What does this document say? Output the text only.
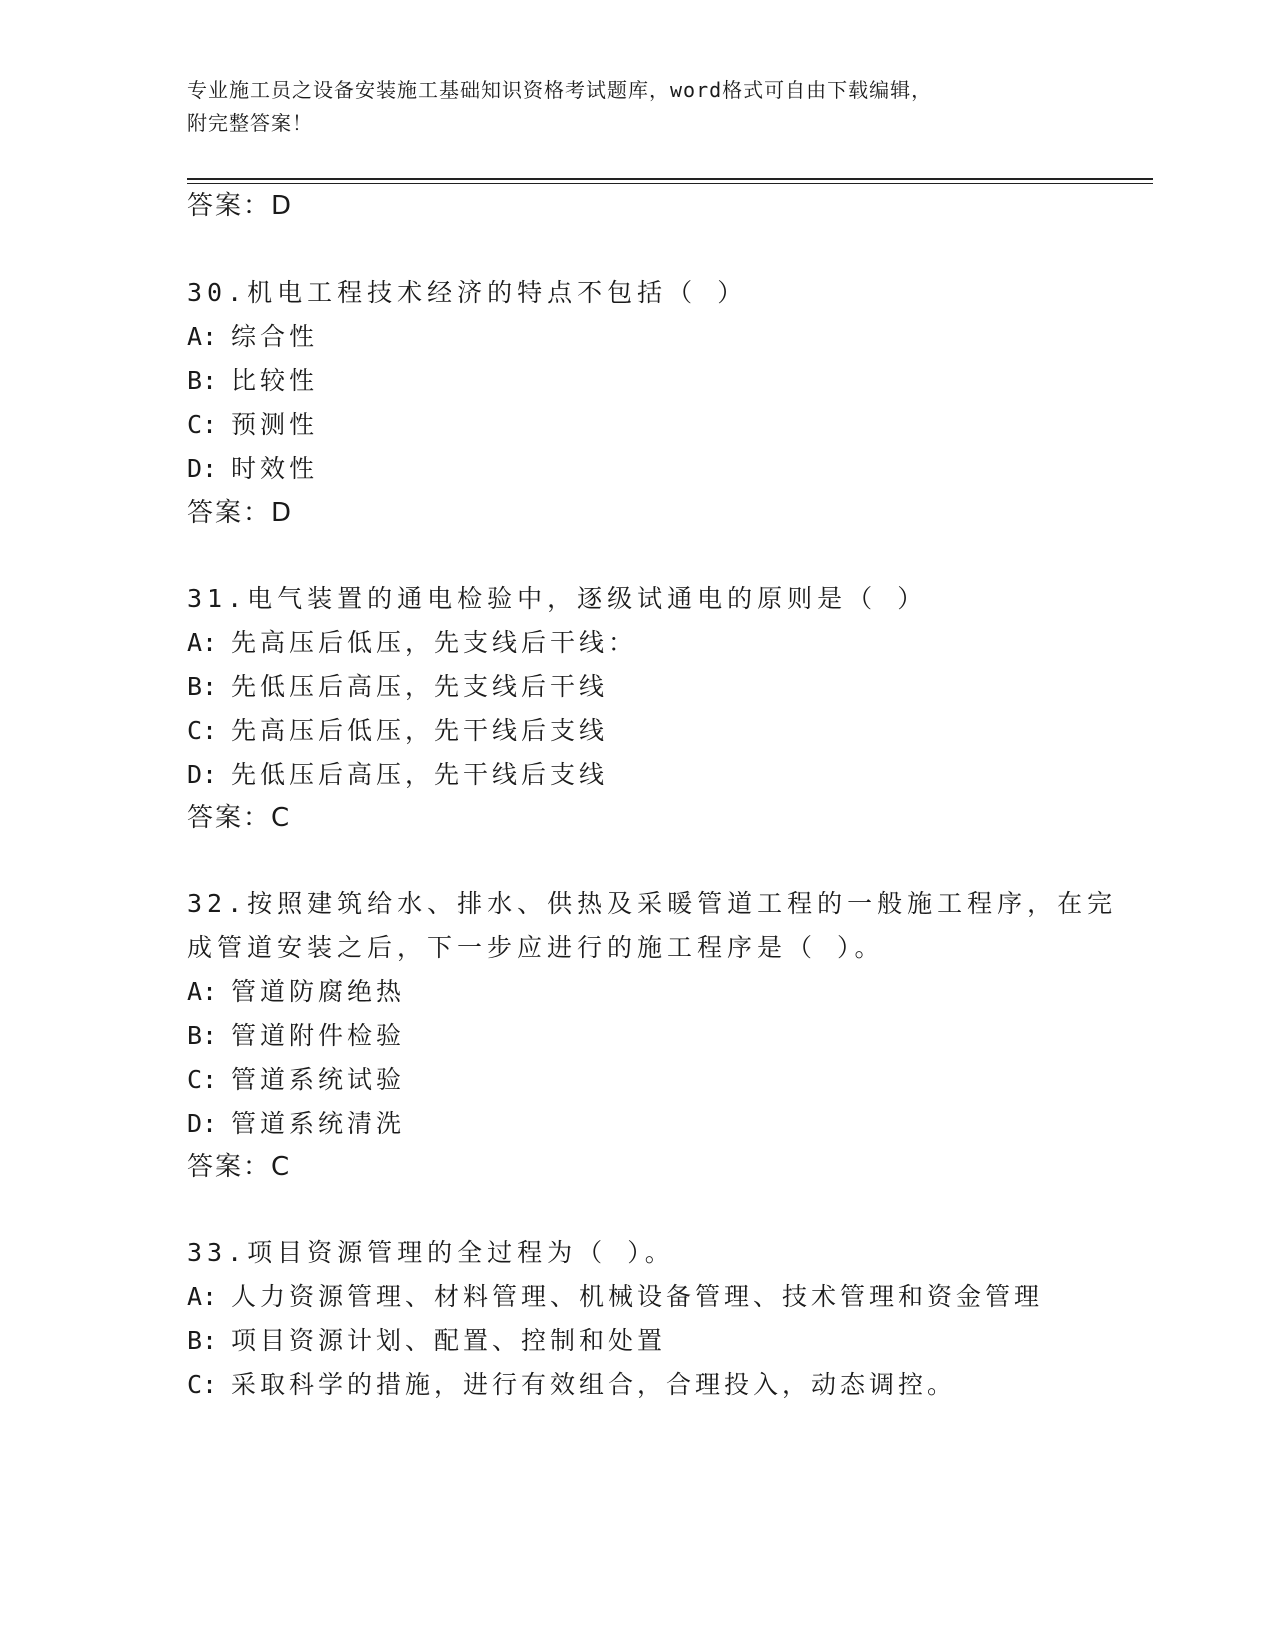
专业施工员之设备安装施工基础知识资格考试题库，word格式可自由下载编辑，
附完整答案！
答案：D
30.机电工程技术经济的特点不包括（ ）
A: 综合性
B: 比较性
C: 预测性
D: 时效性
答案：D
31.电气装置的通电检验中，逐级试通电的原则是（ ）
A: 先高压后低压，先支线后干线：
B: 先低压后高压，先支线后干线
C: 先高压后低压，先干线后支线
D: 先低压后高压，先干线后支线
答案：C
32.按照建筑给水、排水、供热及采暖管道工程的一般施工程序，在完
成管道安装之后，下一步应进行的施工程序是（ ）。
A: 管道防腐绝热
B: 管道附件检验
C: 管道系统试验
D: 管道系统清洗
答案：C
33.项目资源管理的全过程为（ ）。
A: 人力资源管理、材料管理、机械设备管理、技术管理和资金管理
B: 项目资源计划、配置、控制和处置
C: 采取科学的措施，进行有效组合，合理投入，动态调控。
